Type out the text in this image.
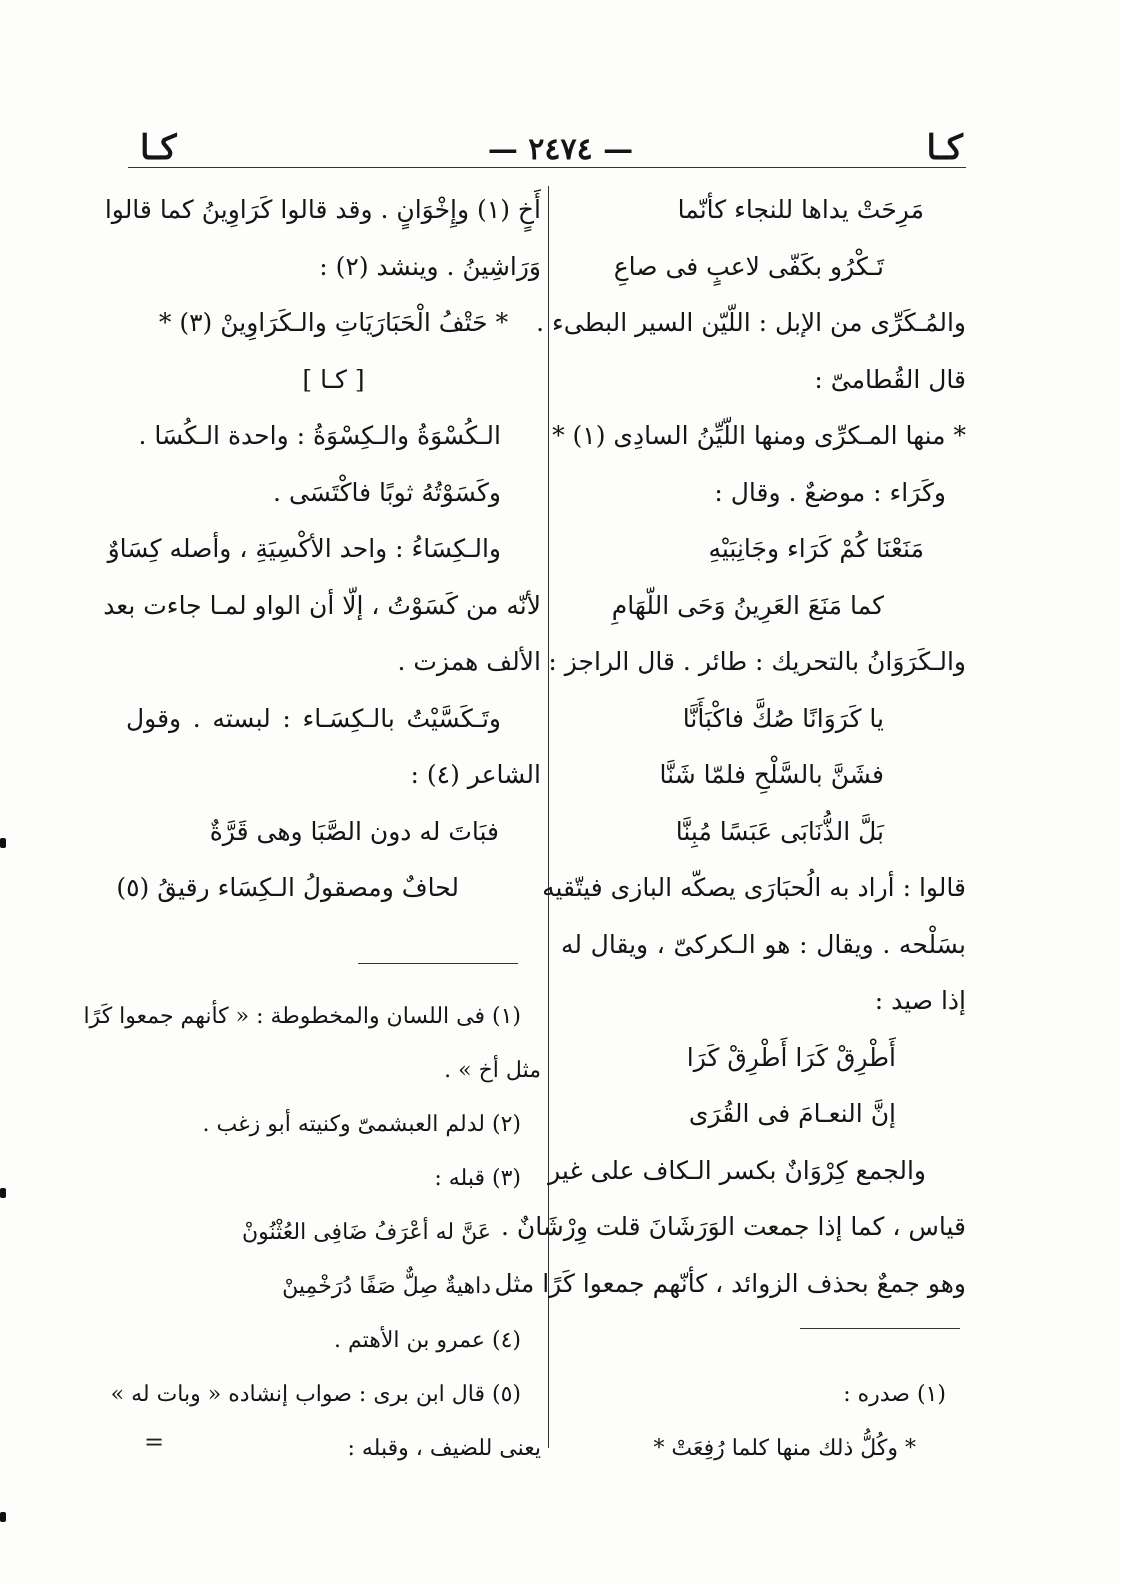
كـا
— ٢٤٧٤ —
كـا
مَرِحَتْ يداها للنجاء كأنّما
تَـكْرُو بكَفّى لاعبٍ فى صاعِ
والمُـكَرِّى من الإبل : اللّيّن السير البطىء .
قال القُطامىّ :
* منها المـكرِّى ومنها اللّيِّنُ السادِى (١) *
وكَرَاء : موضعٌ . وقال :
مَنَعْنَا كُمْ كَرَاء وجَانِبَيْهِ
كما مَنَعَ العَرِينُ وَحَى اللّهَامِ
والـكَرَوَانُ بالتحريك : طائر . قال الراجز :
يا كَرَوَانًا صُكَّ فاكْبَأَنَّا
فشَنَّ بالسَّلْحِ فلمّا شَنَّا
بَلَّ الذُّنَابَى عَبَسًا مُبِنَّا
قالوا : أراد به الُحبَارَى يصكّه البازى فيتّقيه
بسَلْحه . ويقال : هو الـكركىّ ، ويقال له
إذا صيد :
أَطْرِقْ كَرَا أَطْرِقْ كَرَا
إنَّ النعـامَ فى القُرَى
والجمع كِرْوَانٌ بكسر الـكاف على غير
قياس ، كما إذا جمعت الوَرَشَانَ قلت وِرْشَانٌ .
وهو جمعٌ بحذف الزوائد ، كأنّهم جمعوا كَرًا مثل
أَخٍ (١) وإِخْوَانٍ . وقد قالوا كَرَاوِينُ كما قالوا
وَرَاشِينُ . وينشد (٢) :
* حَتْفُ الْحَبَارَيَاتِ والـكَرَاوِينْ (٣) *
[ كـا ]
الـكُسْوَةُ والـكِسْوَةُ : واحدة الـكُسَا .
وكَسَوْتُهُ ثوبًا فاكْتَسَى .
والـكِسَاءُ : واحد الأكْسِيَةِ ، وأصله كِسَاوٌ
لأنّه من كَسَوْتُ ، إلّا أن الواو لمـا جاءت بعد
الألف همزت .
وتَـكَسَّيْتُ بالـكِسَـاء : لبسته . وقول
الشاعر (٤) :
فبَاتَ له دون الصَّبَا وهى قَرَّةٌ
لحافٌ ومصقولُ الـكِسَاء رقيقُ (٥)
(١) صدره :
* وكُلُّ ذلك منها كلما رُفِعَتْ *
(١) فى اللسان والمخطوطة : « كأنهم جمعوا كَرًا
مثل أخ » .
(٢) لدلم العبشمىّ وكنيته أبو زغب .
(٣) قبله :
عَنَّ له أعْرَفُ ضَافِى العُثْنُونْ
داهيةٌ صِلٌّ صَفًا دُرَخْمِينْ
(٤) عمرو بن الأهتم .
(٥) قال ابن برى : صواب إنشاده « وبات له »
يعنى للضيف ، وقبله :
=
